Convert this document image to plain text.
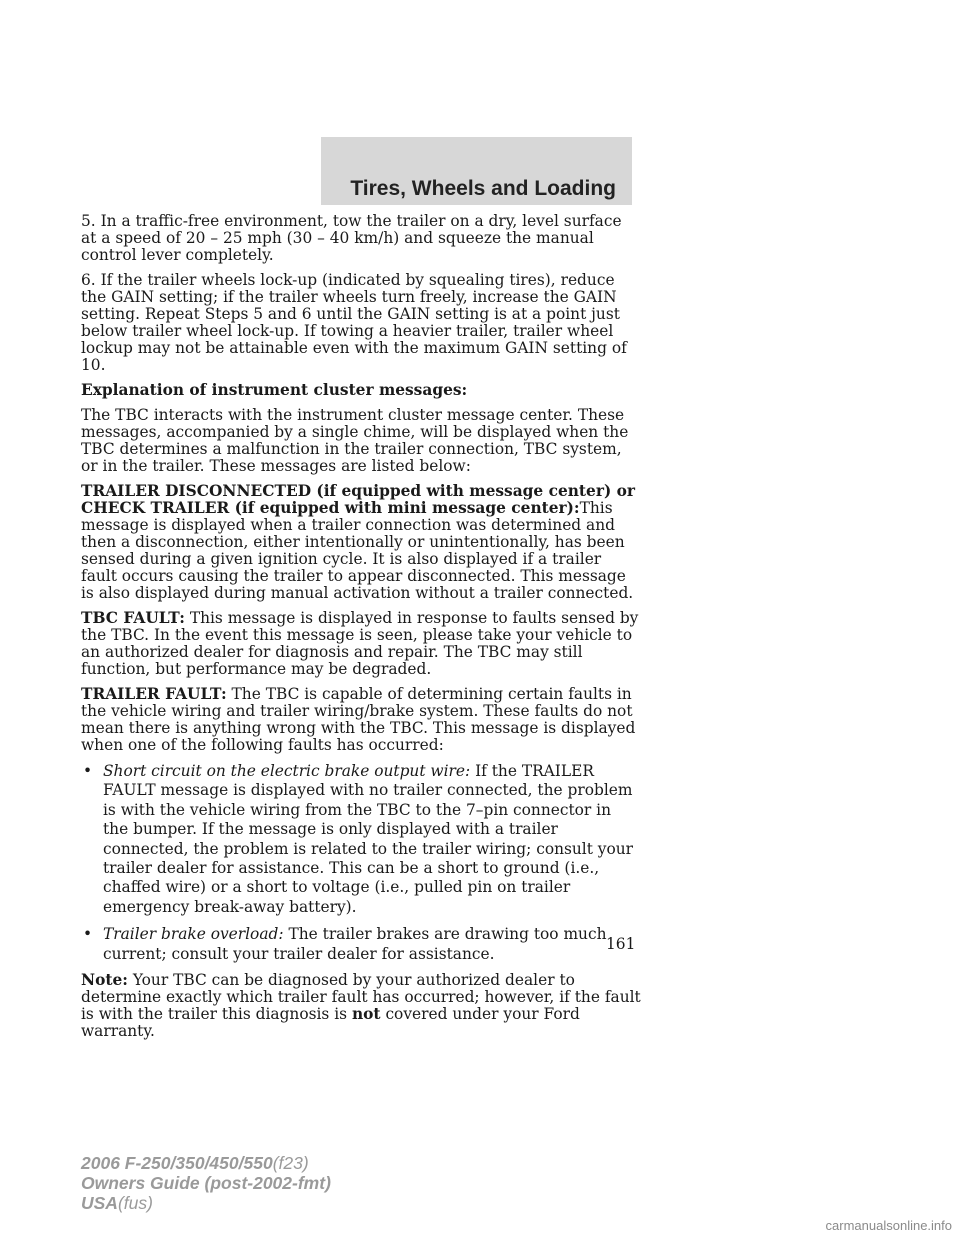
Tires, Wheels and Loading

5. In a traffic-free environment, tow the trailer on a dry, level surface at a speed of 20 – 25 mph (30 – 40 km/h) and squeeze the manual control lever completely.

6. If the trailer wheels lock-up (indicated by squealing tires), reduce the GAIN setting; if the trailer wheels turn freely, increase the GAIN setting. Repeat Steps 5 and 6 until the GAIN setting is at a point just below trailer wheel lock-up. If towing a heavier trailer, trailer wheel lockup may not be attainable even with the maximum GAIN setting of 10.

Explanation of instrument cluster messages:

The TBC interacts with the instrument cluster message center. These messages, accompanied by a single chime, will be displayed when the TBC determines a malfunction in the trailer connection, TBC system, or in the trailer. These messages are listed below:

TRAILER DISCONNECTED (if equipped with message center) or CHECK TRAILER (if equipped with mini message center):This message is displayed when a trailer connection was determined and then a disconnection, either intentionally or unintentionally, has been sensed during a given ignition cycle. It is also displayed if a trailer fault occurs causing the trailer to appear disconnected. This message is also displayed during manual activation without a trailer connected.

TBC FAULT: This message is displayed in response to faults sensed by the TBC. In the event this message is seen, please take your vehicle to an authorized dealer for diagnosis and repair. The TBC may still function, but performance may be degraded.

TRAILER FAULT: The TBC is capable of determining certain faults in the vehicle wiring and trailer wiring/brake system. These faults do not mean there is anything wrong with the TBC. This message is displayed when one of the following faults has occurred:

• Short circuit on the electric brake output wire: If the TRAILER FAULT message is displayed with no trailer connected, the problem is with the vehicle wiring from the TBC to the 7–pin connector in the bumper. If the message is only displayed with a trailer connected, the problem is related to the trailer wiring; consult your trailer dealer for assistance. This can be a short to ground (i.e., chaffed wire) or a short to voltage (i.e., pulled pin on trailer emergency break-away battery).
• Trailer brake overload: The trailer brakes are drawing too much current; consult your trailer dealer for assistance.

Note: Your TBC can be diagnosed by your authorized dealer to determine exactly which trailer fault has occurred; however, if the fault is with the trailer this diagnosis is not covered under your Ford warranty.

161
2006 F-250/350/450/550(f23)
Owners Guide (post-2002-fmt)
USA(fus)
carmanualsonline.info
